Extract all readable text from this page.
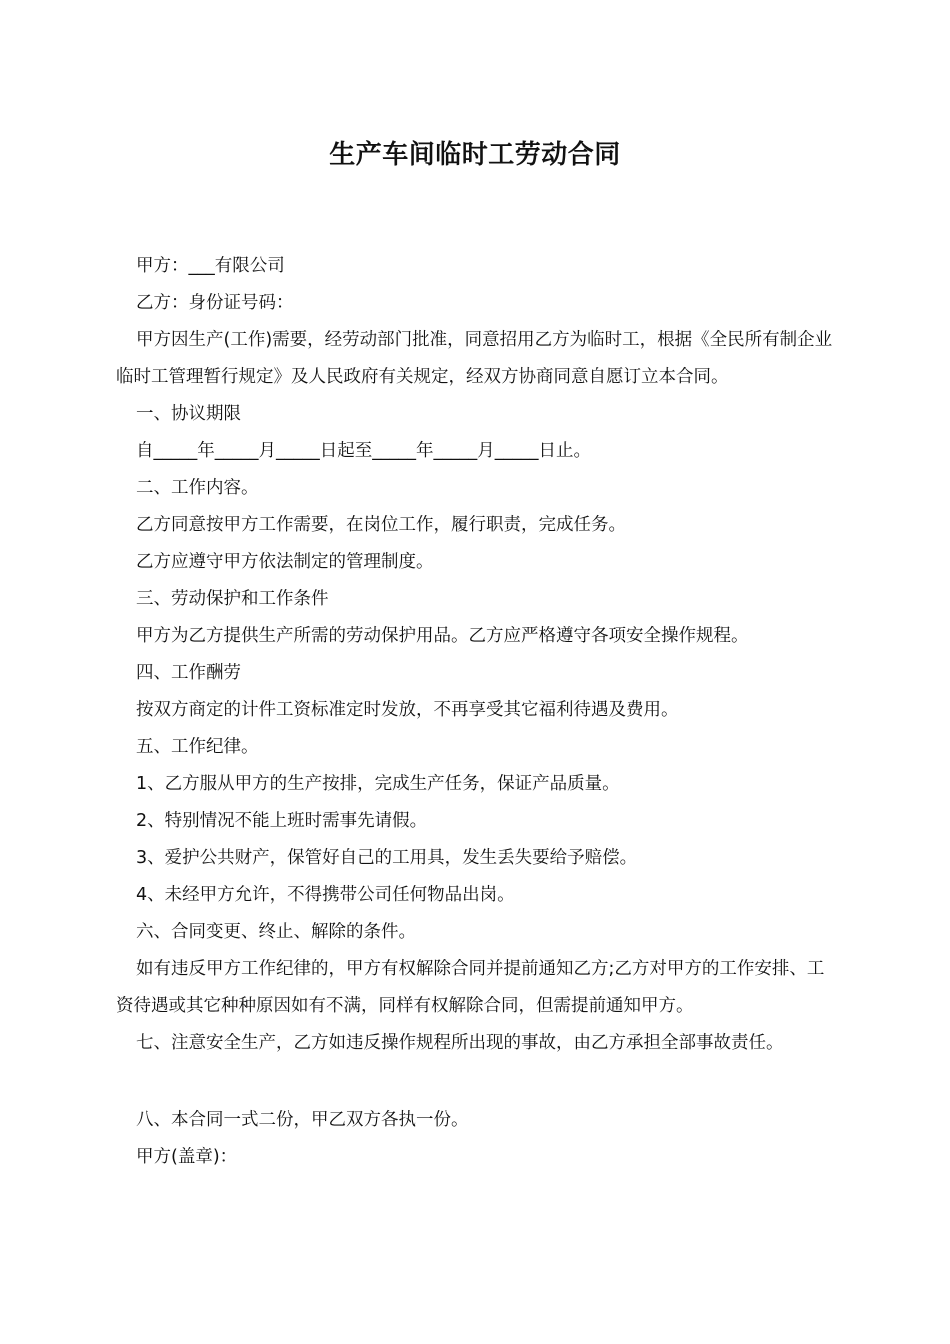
生产车间临时工劳动合同

甲方：___有限公司

乙方：身份证号码：

甲方因生产(工作)需要，经劳动部门批准，同意招用乙方为临时工，根据《全民所有制企业临时工管理暂行规定》及人民政府有关规定，经双方协商同意自愿订立本合同。

一、协议期限

自_____年_____月_____日起至_____年_____月_____日止。

二、工作内容。

乙方同意按甲方工作需要，在岗位工作，履行职责，完成任务。

乙方应遵守甲方依法制定的管理制度。

三、劳动保护和工作条件

甲方为乙方提供生产所需的劳动保护用品。乙方应严格遵守各项安全操作规程。

四、工作酬劳

按双方商定的计件工资标准定时发放，不再享受其它福利待遇及费用。

五、工作纪律。

1、乙方服从甲方的生产按排，完成生产任务，保证产品质量。

2、特别情况不能上班时需事先请假。

3、爱护公共财产，保管好自己的工用具，发生丢失要给予赔偿。

4、未经甲方允许，不得携带公司任何物品出岗。

六、合同变更、终止、解除的条件。

如有违反甲方工作纪律的，甲方有权解除合同并提前通知乙方;乙方对甲方的工作安排、工资待遇或其它种种原因如有不满，同样有权解除合同，但需提前通知甲方。

七、注意安全生产，乙方如违反操作规程所出现的事故，由乙方承担全部事故责任。

八、本合同一式二份，甲乙双方各执一份。

甲方(盖章)：
